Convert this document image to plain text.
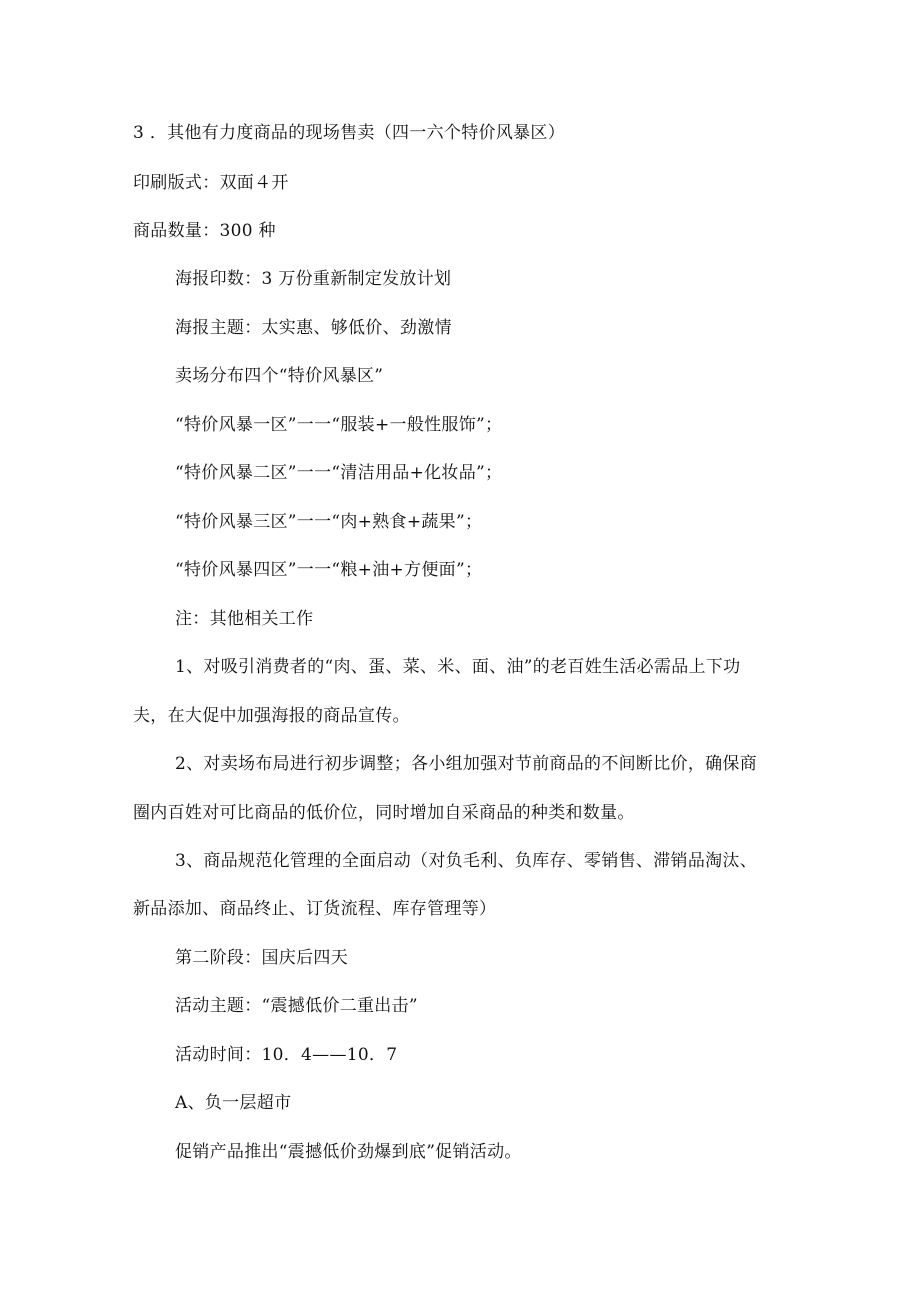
3 ．其他有力度商品的现场售卖（四一六个特价风暴区）
印刷版式：双面４开
商品数量：300 种
海报印数：3 万份重新制定发放计划
海报主题：太实惠、够低价、劲激情
卖场分布四个“特价风暴区”
“特价风暴一区”一一“服装+一般性服饰”；
“特价风暴二区”一一“清洁用品+化妆品”；
“特价风暴三区”一一“肉+熟食+蔬果”；
“特价风暴四区”一一“粮+油+方便面”；
注：其他相关工作
1、对吸引消费者的“肉、蛋、菜、米、面、油”的老百姓生活必需品上下功
夫，在大促中加强海报的商品宣传。
2、对卖场布局进行初步调整；各小组加强对节前商品的不间断比价，确保商
圈内百姓对可比商品的低价位，同时增加自采商品的种类和数量。
3、商品规范化管理的全面启动（对负毛利、负库存、零销售、滞销品淘汰、
新品添加、商品终止、订货流程、库存管理等）
第二阶段：国庆后四天
活动主题：“震撼低价二重出击”
活动时间：10．4——10．7
A、负一层超市
促销产品推出“震撼低价劲爆到底”促销活动。
